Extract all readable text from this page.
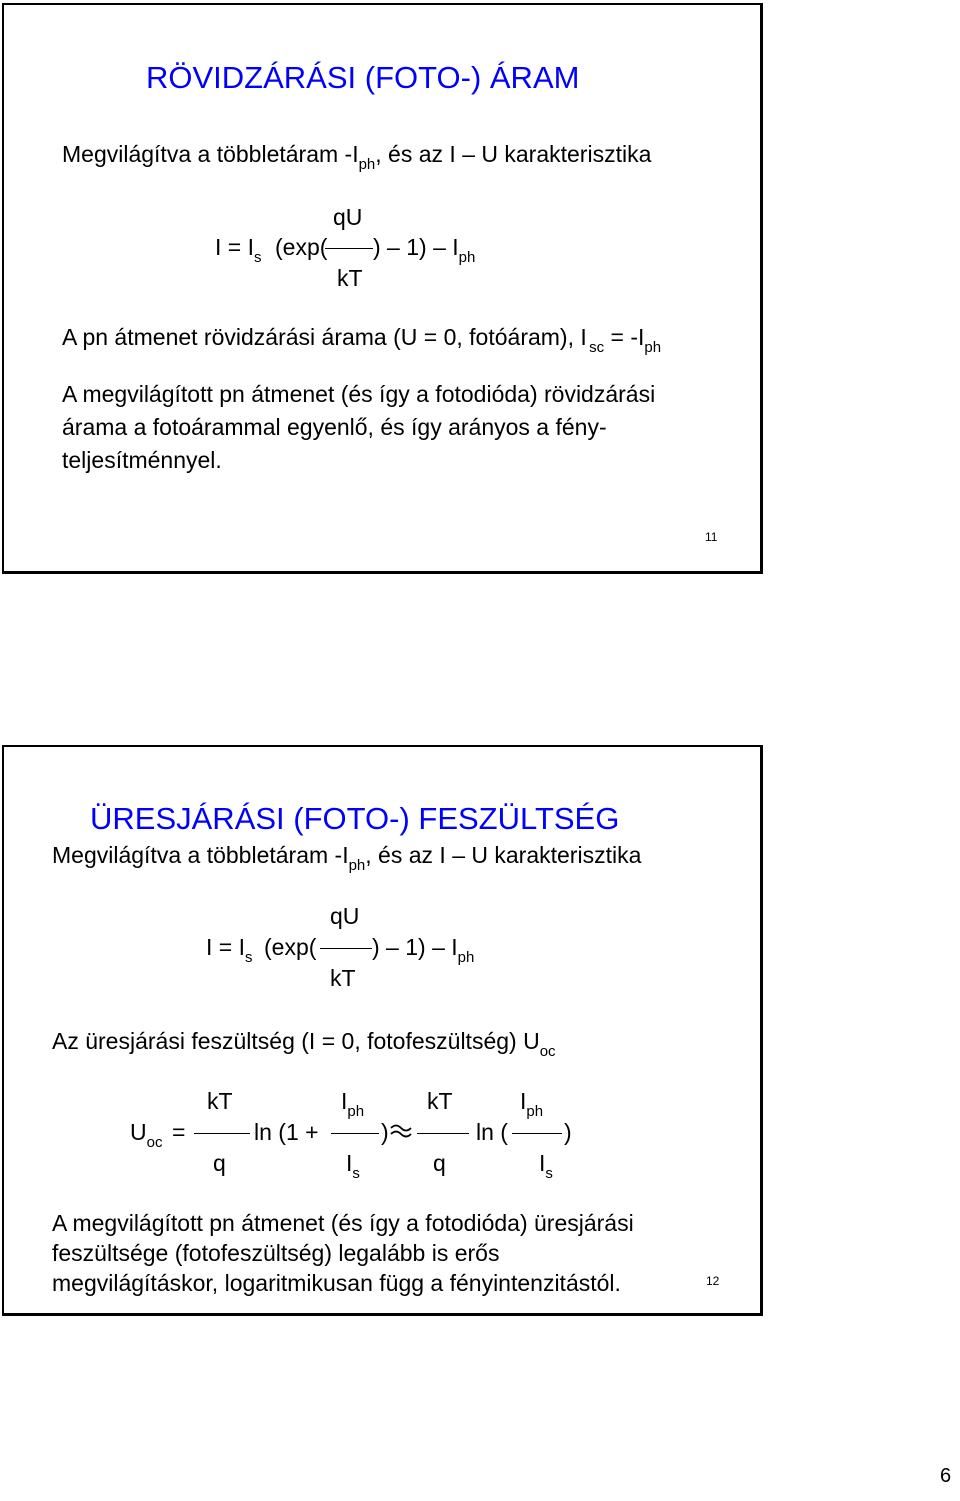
RÖVIDZÁRÁSI (FOTO-) ÁRAM
Megvilágítva a többletáram $-I_{ph}$, és az I – U karakterisztika
qU
$I = I_s$ (exp( ) – $1) - I_{ph}$
kT
A pn átmenet rövidzárási árama (U = 0, fotóáram), I $_{sc} = -I_{ph}$
A megvilágított pn átmenet (és így a fotodióda) rövidzárási
árama a fotoárammal egyenlő, és így arányos a fény-
teljesítménnyel.
11
ÜRESJÁRÁSI (FOTO-) FESZÜLTSÉG
Megvilágítva a többletáram $-I_{ph}$, és az I – U karakterisztika
qU
$I = I_s$ (exp( ) – $1) - I_{ph}$
kT
Az üresjárási feszültség (I = 0, fotofeszültség) $U_{oc}$
$U_{oc}$ =
kT
q
ln (1 +
$I_{ph}$
$I_s$
)
kT
q
ln (
$I_{ph}$
$I_s$
)
A megvilágított pn átmenet (és így a fotodióda) üresjárási
feszültsége (fotofeszültség) legalább is erős
megvilágításkor, logaritmikusan függ a fényintenzitástól.	12
6
